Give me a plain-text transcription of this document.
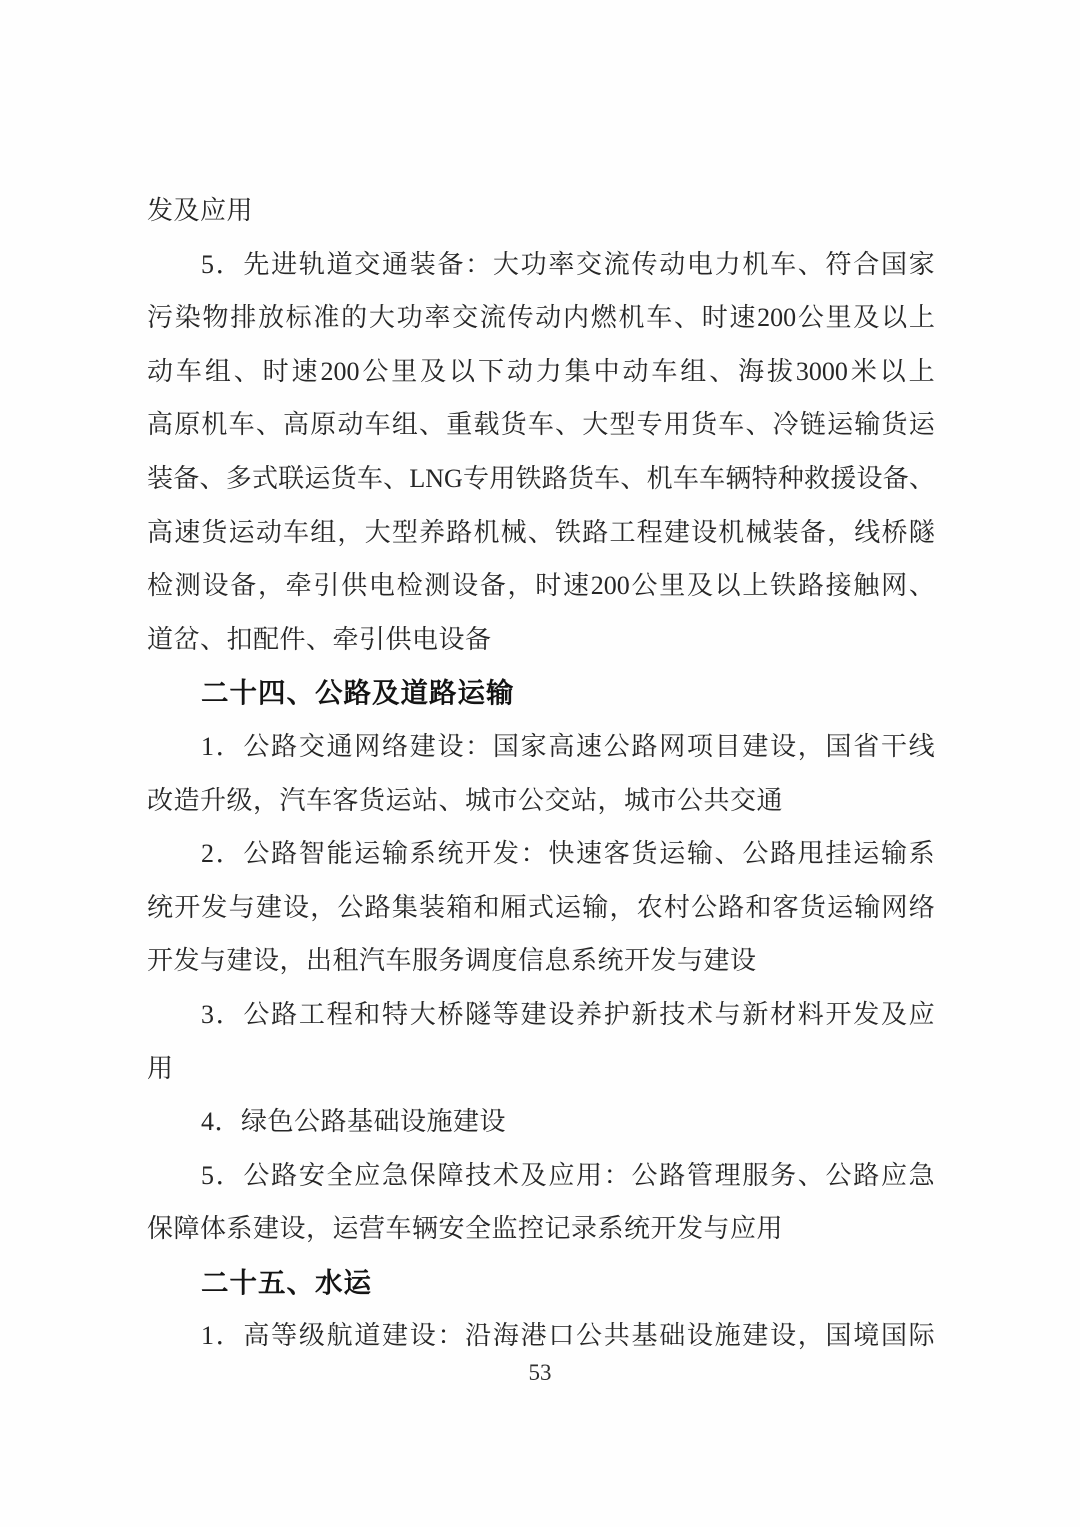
发及应用
5 ． 先 进 轨 道 交 通 装 备 ： 大 功 率 交 流 传 动 电 力 机 车 、 符 合 国 家
污 染 物 排 放 标 准 的 大 功 率 交 流 传 动 内 燃 机 车 、 时 速 200 公 里 及 以 上
动 车 组 、 时 速 200 公 里 及 以 下 动 力 集 中 动 车 组 、 海 拔 3000 米 以 上
高 原 机 车 、 高 原 动 车 组 、 重 载 货 车 、 大 型 专 用 货 车 、 冷 链 运 输 货 运
装 备 、 多 式 联 运 货 车 、 LNG 专 用 铁 路 货 车 、 机 车 车 辆 特 种 救 援 设 备 、
高 速 货 运 动 车 组 ， 大 型 养 路 机 械 、 铁 路 工 程 建 设 机 械 装 备 ， 线 桥 隧
检 测 设 备 ， 牵 引 供 电 检 测 设 备 ， 时 速 200 公 里 及 以 上 铁 路 接 触 网 、
道岔、扣配件、牵引供电设备
二十四、公路及道路运输
1 ． 公 路 交 通 网 络 建 设 ： 国 家 高 速 公 路 网 项 目 建 设 ， 国 省 干 线
改造升级，汽车客货运站、城市公交站，城市公共交通
2 ． 公 路 智 能 运 输 系 统 开 发 ： 快 速 客 货 运 输 、 公 路 甩 挂 运 输 系
统 开 发 与 建 设 ， 公 路 集 装 箱 和 厢 式 运 输 ， 农 村 公 路 和 客 货 运 输 网 络
开发与建设，出租汽车服务调度信息系统开发与建设
3 ． 公 路 工 程 和 特 大 桥 隧 等 建 设 养 护 新 技 术 与 新 材 料 开 发 及 应
用
4．绿色公路基础设施建设
5 ． 公 路 安 全 应 急 保 障 技 术 及 应 用 ： 公 路 管 理 服 务 、 公 路 应 急
保障体系建设，运营车辆安全监控记录系统开发与应用
二十五、水运
1 ． 高 等 级 航 道 建 设 ： 沿 海 港 口 公 共 基 础 设 施 建 设 ， 国 境 国 际
53
